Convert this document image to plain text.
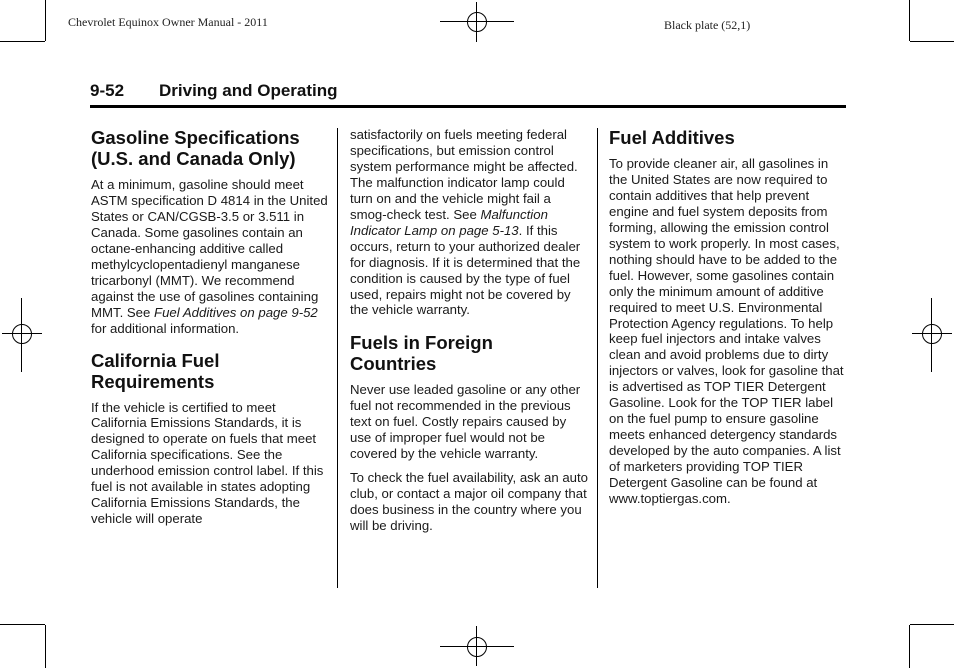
Chevrolet Equinox Owner Manual - 2011	Black plate (52,1)
9-52 Driving and Operating
Gasoline Specifications
(U.S. and Canada Only)

At a minimum, gasoline should meet ASTM specification D 4814 in the United States or CAN/CGSB-3.5 or 3.511 in Canada. Some gasolines contain an octane-enhancing additive called methylcyclopentadienyl manganese tricarbonyl (MMT). We recommend against the use of gasolines containing MMT. See Fuel Additives on page 9-52 for additional information.

California Fuel
Requirements

If the vehicle is certified to meet California Emissions Standards, it is designed to operate on fuels that meet California specifications. See the underhood emission control label. If this fuel is not available in states adopting California Emissions Standards, the vehicle will operate

satisfactorily on fuels meeting federal specifications, but emission control system performance might be affected. The malfunction indicator lamp could turn on and the vehicle might fail a smog-check test. See Malfunction Indicator Lamp on page 5-13. If this occurs, return to your authorized dealer for diagnosis. If it is determined that the condition is caused by the type of fuel used, repairs might not be covered by the vehicle warranty.

Fuels in Foreign
Countries

Never use leaded gasoline or any other fuel not recommended in the previous text on fuel. Costly repairs caused by use of improper fuel would not be covered by the vehicle warranty.

To check the fuel availability, ask an auto club, or contact a major oil company that does business in the country where you will be driving.

Fuel Additives

To provide cleaner air, all gasolines in the United States are now required to contain additives that help prevent engine and fuel system deposits from forming, allowing the emission control system to work properly. In most cases, nothing should have to be added to the fuel. However, some gasolines contain only the minimum amount of additive required to meet U.S. Environmental Protection Agency regulations. To help keep fuel injectors and intake valves clean and avoid problems due to dirty injectors or valves, look for gasoline that is advertised as TOP TIER Detergent Gasoline. Look for the TOP TIER label on the fuel pump to ensure gasoline meets enhanced detergency standards developed by the auto companies. A list of marketers providing TOP TIER Detergent Gasoline can be found at www.toptiergas.com.
